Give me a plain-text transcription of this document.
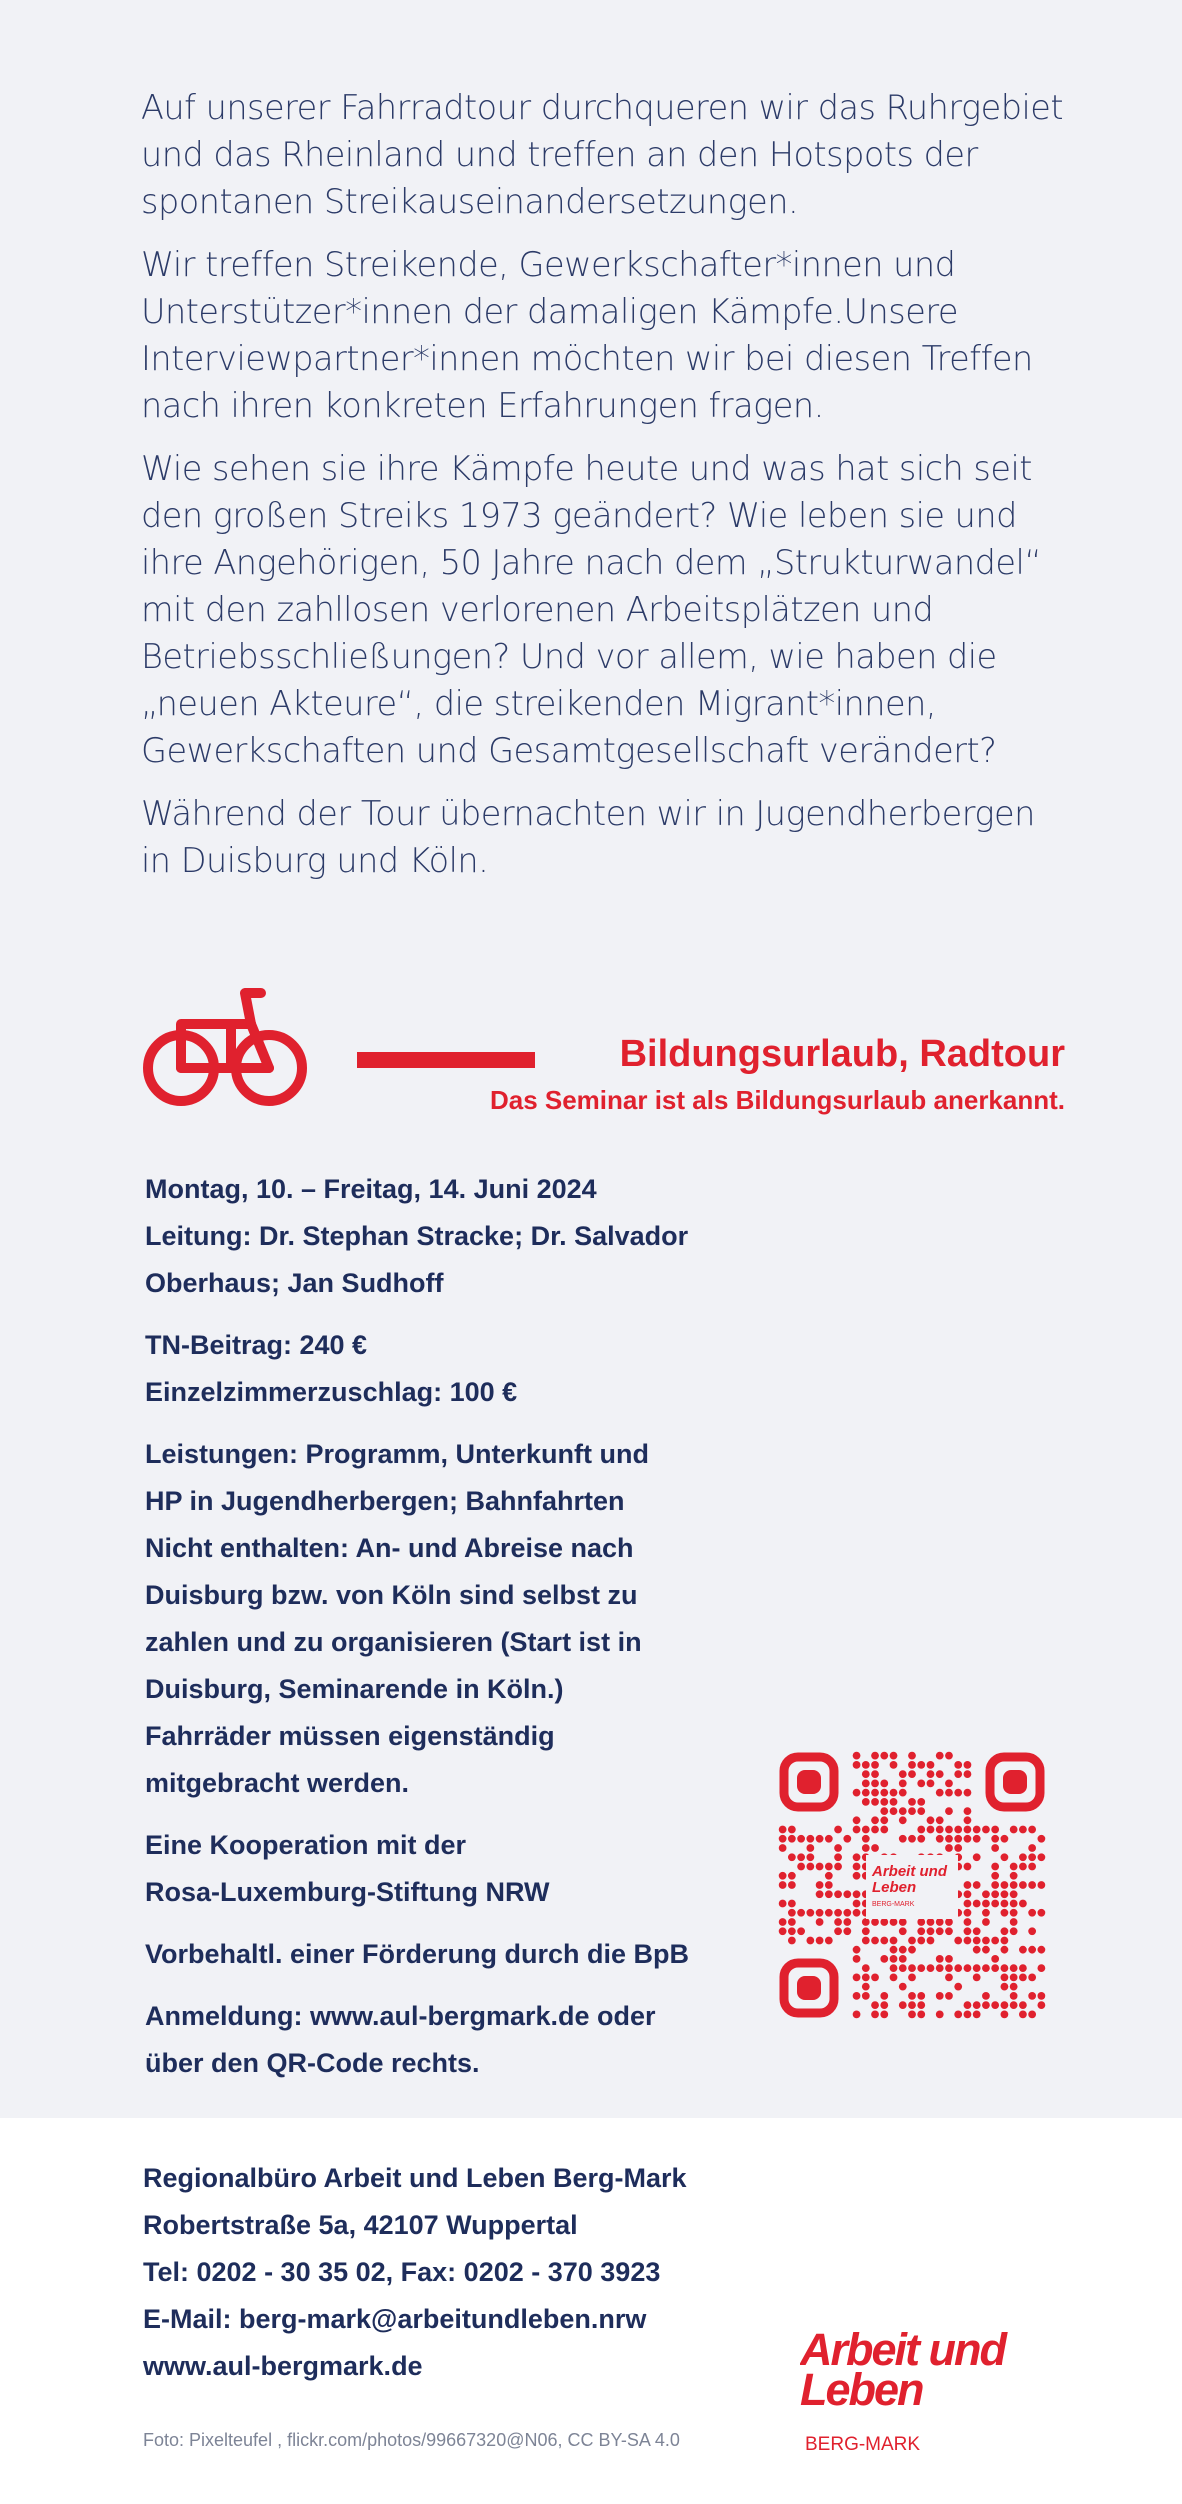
Auf unserer Fahrradtour durchqueren wir das Ruhrgebiet und das Rheinland und treffen an den Hotspots der spontanen Streikauseinandersetzungen.

Wir treffen Streikende, Gewerkschafter*innen und Unterstützer*innen der damaligen Kämpfe.Unsere Interviewpartner*innen möchten wir bei diesen Treffen nach ihren konkreten Erfahrungen fragen.

Wie sehen sie ihre Kämpfe heute und was hat sich seit den großen Streiks 1973 geändert? Wie leben sie und ihre Angehörigen, 50 Jahre nach dem „Strukturwandel“ mit den zahllosen verlorenen Arbeitsplätzen und Betriebsschließungen? Und vor allem, wie haben die „neuen Akteure“, die streikenden Migrant*innen, Gewerkschaften und Gesamtgesellschaft verändert?

Während der Tour übernachten wir in Jugendherbergen in Duisburg und Köln.

Bildungsurlaub, Radtour
Das Seminar ist als Bildungsurlaub anerkannt.
Montag, 10. – Freitag, 14. Juni 2024
Leitung: Dr. Stephan Stracke; Dr. Salvador
Oberhaus; Jan Sudhoff
TN-Beitrag: 240 €
Einzelzimmerzuschlag: 100 €
Leistungen: Programm, Unterkunft und
HP in Jugendherbergen; Bahnfahrten
Nicht enthalten: An- und Abreise nach
Duisburg bzw. von Köln sind selbst zu
zahlen und zu organisieren (Start ist in
Duisburg, Seminarende in Köln.)
Fahrräder müssen eigenständig
mitgebracht werden.
Eine Kooperation mit der
Rosa-Luxemburg-Stiftung NRW
Vorbehaltl. einer Förderung durch die BpB
Anmeldung: www.aul-bergmark.de oder
über den QR-Code rechts.
Arbeit und
Leben
BERG-MARK
Regionalbüro Arbeit und Leben Berg-Mark
Robertstraße 5a, 42107 Wuppertal
Tel: 0202 - 30 35 02, Fax: 0202 - 370 3923
E-Mail: berg-mark@arbeitundleben.nrw
www.aul-bergmark.de
Foto: Pixelteufel , flickr.com/photos/99667320@N06, CC BY-SA 4.0
Arbeit und
Leben
BERG-MARK
